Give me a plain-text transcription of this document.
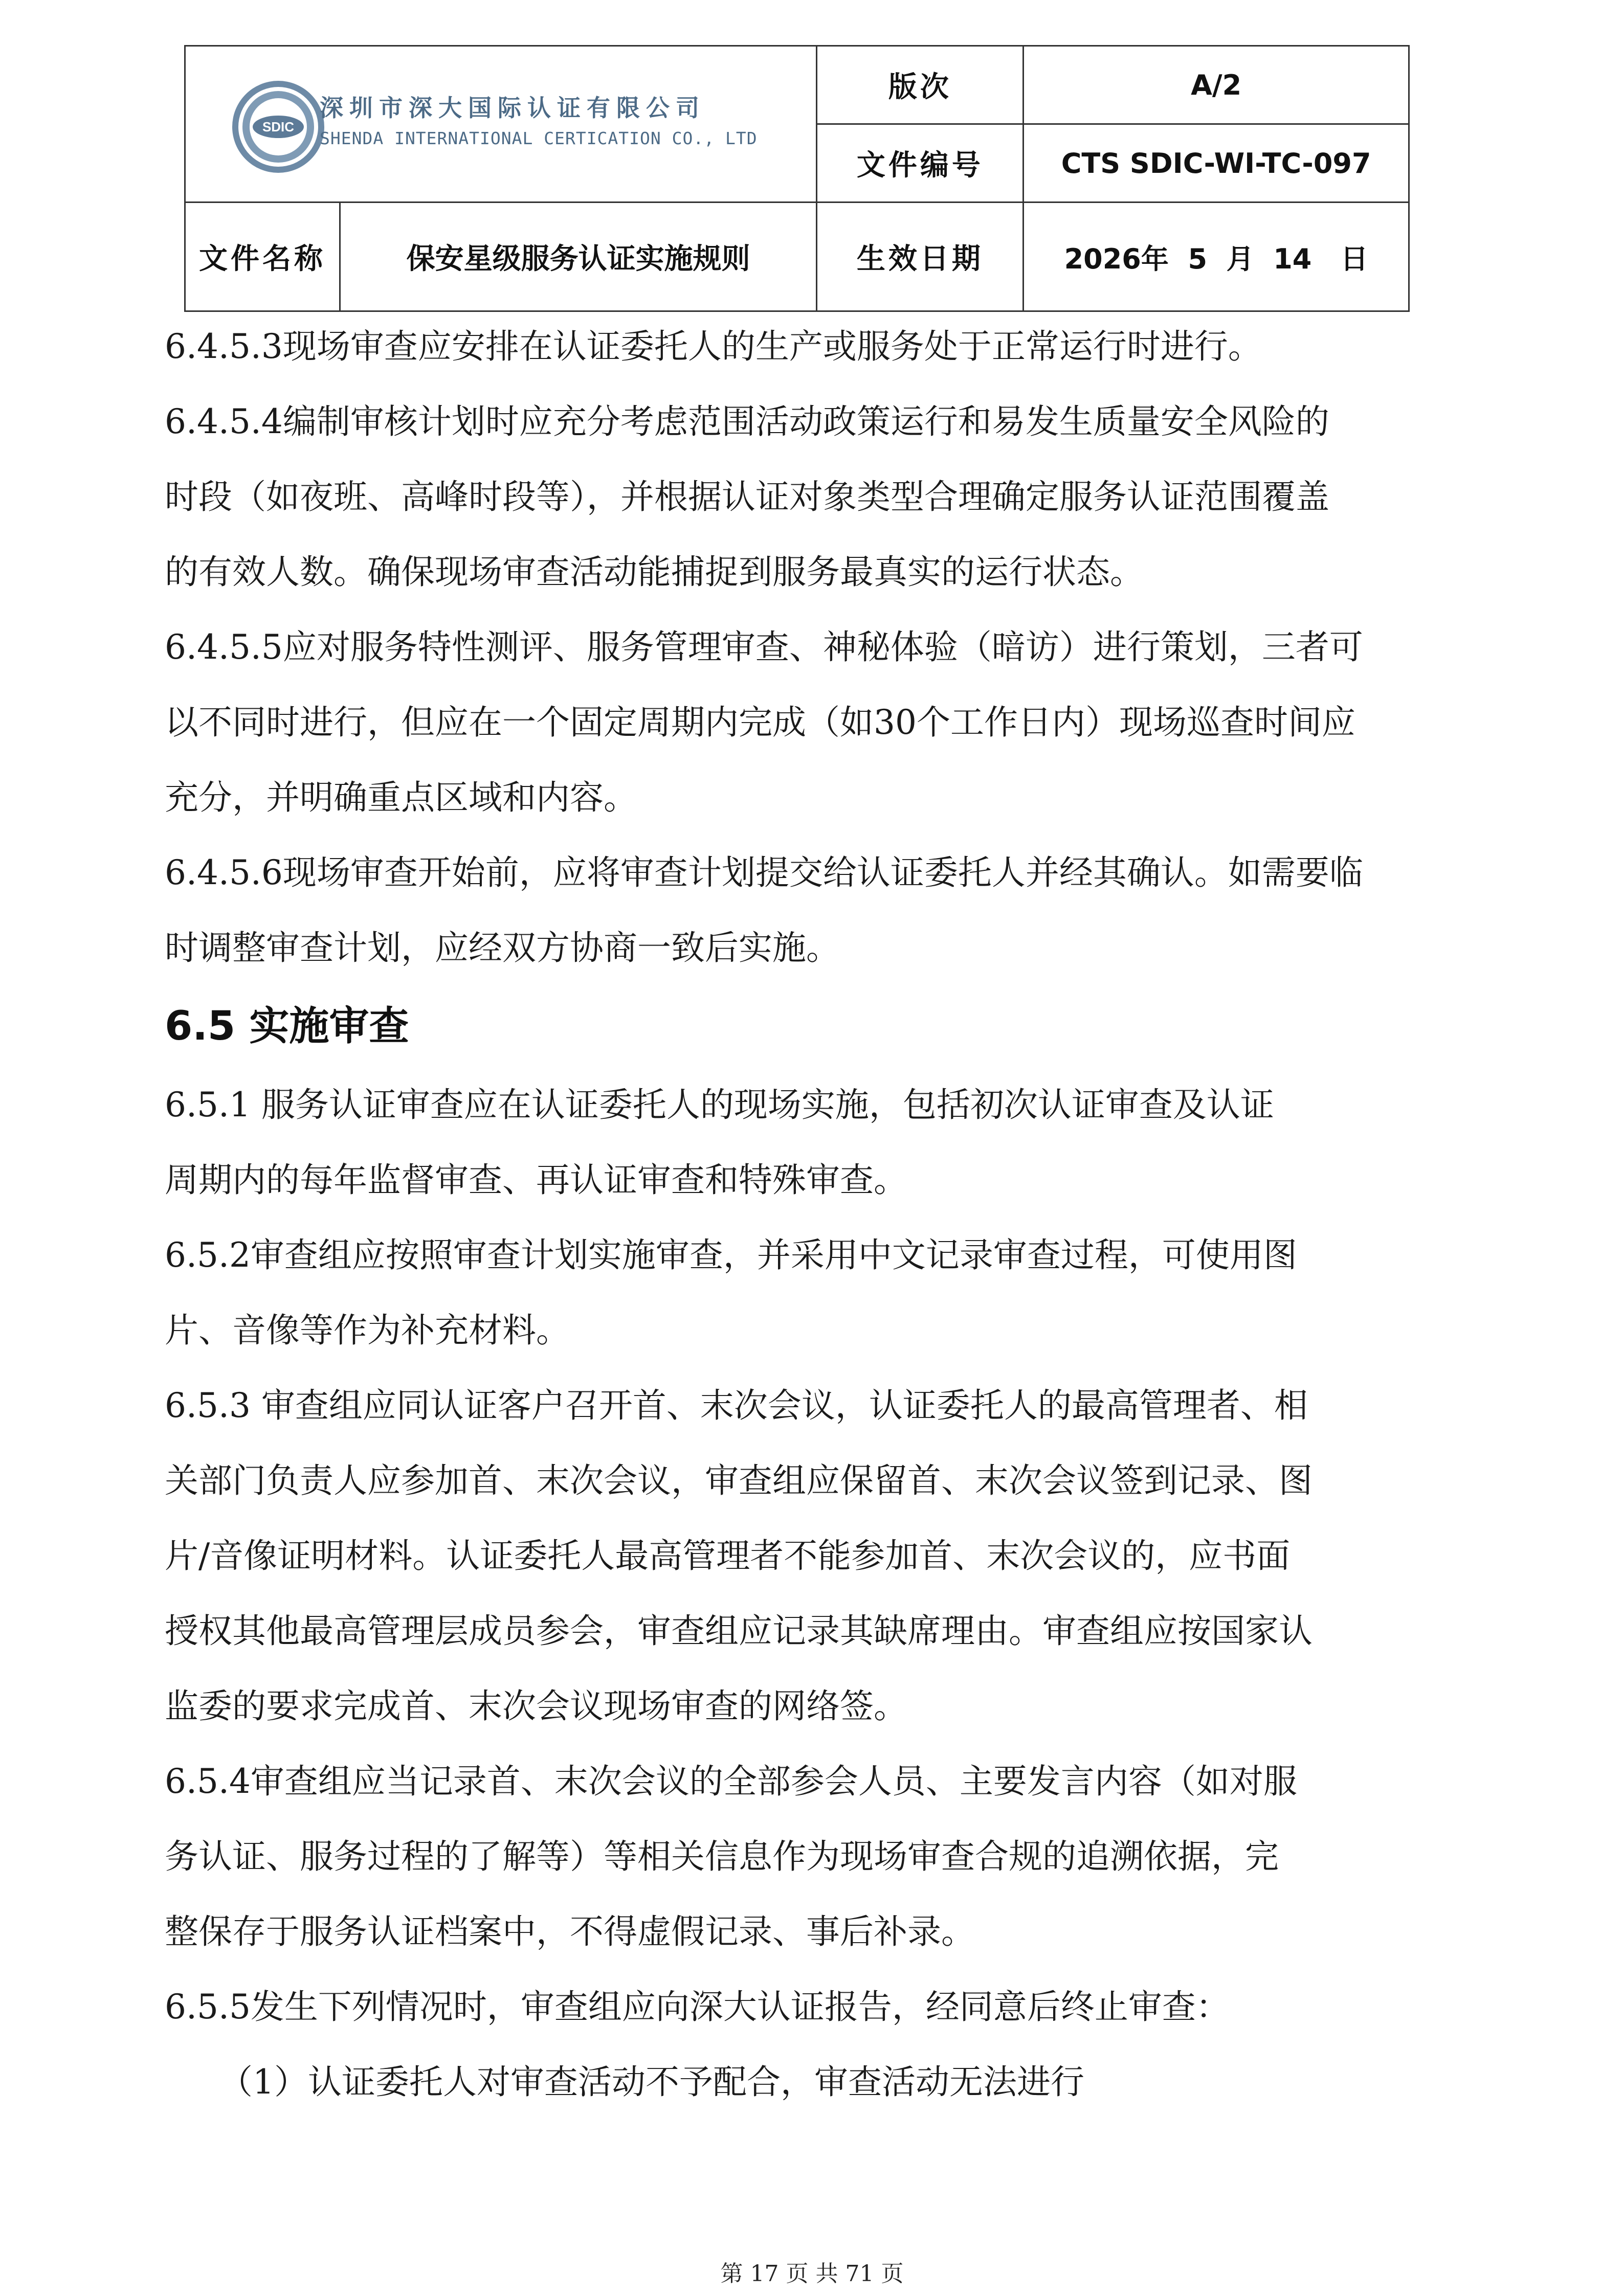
SDIC
深圳市深大国际认证有限公司
SHENDA INTERNATIONAL CERTICATION CO., LTD	版次	A/2
	文件编号	CTS SDIC-WI-TC-097

文件名称 保安星级服务认证实施规则	生效日期	2026年  5  月  14   日

6.4.5.3现场审查应安排在认证委托人的生产或服务处于正常运行时进行。

6.4.5.4编制审核计划时应充分考虑范围活动政策运行和易发生质量安全风险的

时段（如夜班、高峰时段等），并根据认证对象类型合理确定服务认证范围覆盖

的有效人数。确保现场审查活动能捕捉到服务最真实的运行状态。

6.4.5.5应对服务特性测评、服务管理审查、神秘体验（暗访）进行策划，三者可

以不同时进行，但应在一个固定周期内完成（如30个工作日内）现场巡查时间应

充分，并明确重点区域和内容。

6.4.5.6现场审查开始前，应将审查计划提交给认证委托人并经其确认。如需要临

时调整审查计划，应经双方协商一致后实施。

6.5 实施审查

6.5.1 服务认证审查应在认证委托人的现场实施，包括初次认证审查及认证

周期内的每年监督审查、再认证审查和特殊审查。

6.5.2审查组应按照审查计划实施审查，并采用中文记录审查过程，可使用图

片、音像等作为补充材料。

6.5.3 审查组应同认证客户召开首、末次会议，认证委托人的最高管理者、相

关部门负责人应参加首、末次会议，审查组应保留首、末次会议签到记录、图

片/音像证明材料。认证委托人最高管理者不能参加首、末次会议的，应书面

授权其他最高管理层成员参会，审查组应记录其缺席理由。审查组应按国家认

监委的要求完成首、末次会议现场审查的网络签。

6.5.4审查组应当记录首、末次会议的全部参会人员、主要发言内容（如对服

务认证、服务过程的了解等）等相关信息作为现场审查合规的追溯依据，完

整保存于服务认证档案中，不得虚假记录、事后补录。

6.5.5发生下列情况时，审查组应向深大认证报告，经同意后终止审查：

（1）认证委托人对审查活动不予配合，审查活动无法进行

第 17 页 共 71 页
